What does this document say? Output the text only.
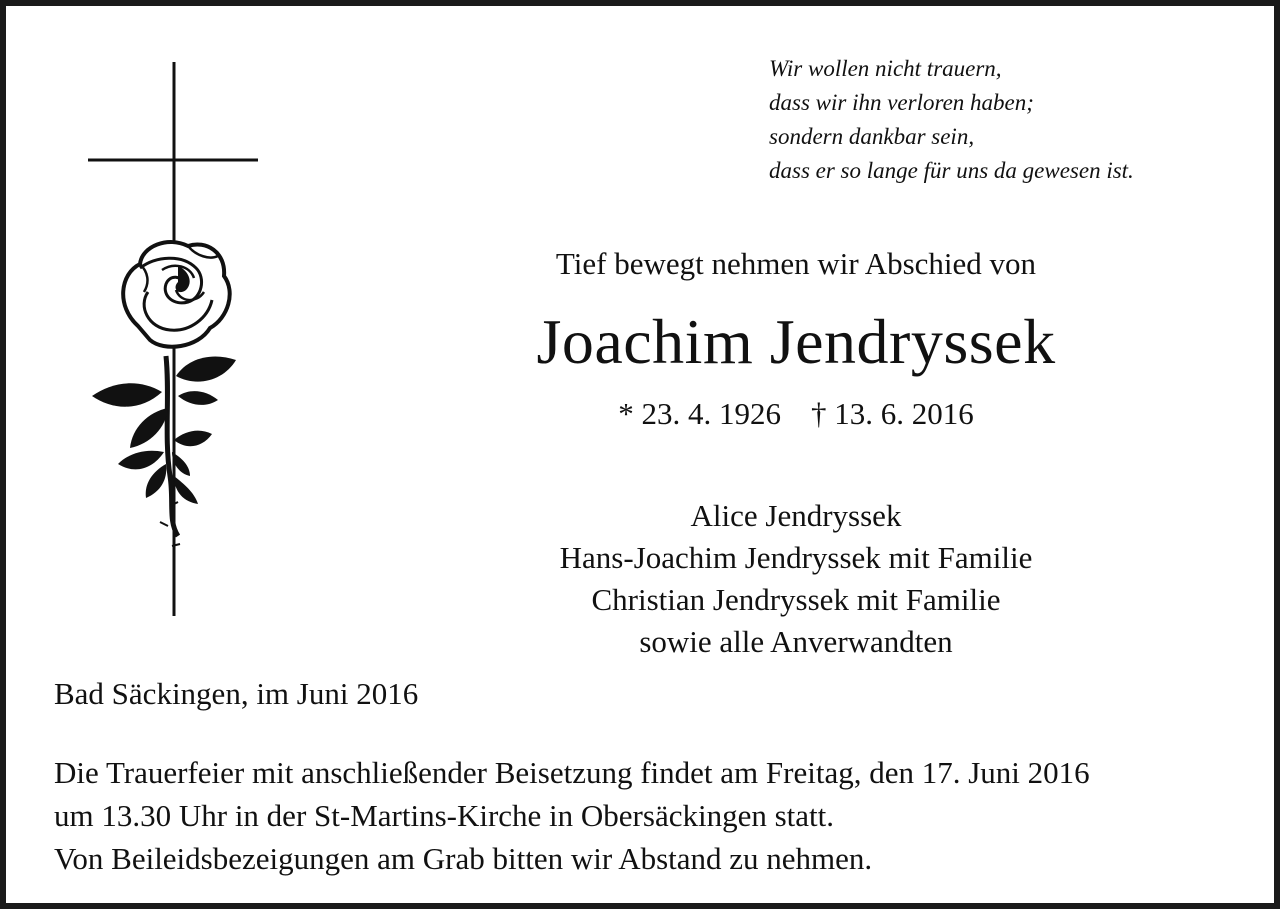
Wir wollen nicht trauern,
dass wir ihn verloren haben;
sondern dankbar sein,
dass er so lange für uns da gewesen ist.
Tief bewegt nehmen wir Abschied von
Joachim Jendryssek
* 23. 4. 1926 † 13. 6. 2016
Alice Jendryssek
Hans-Joachim Jendryssek mit Familie
Christian Jendryssek mit Familie
sowie alle Anverwandten
Bad Säckingen, im Juni 2016
Die Trauerfeier mit anschließender Beisetzung findet am Freitag, den 17. Juni 2016
um 13.30 Uhr in der St-Martins-Kirche in Obersäckingen statt.
Von Beileidsbezeigungen am Grab bitten wir Abstand zu nehmen.
